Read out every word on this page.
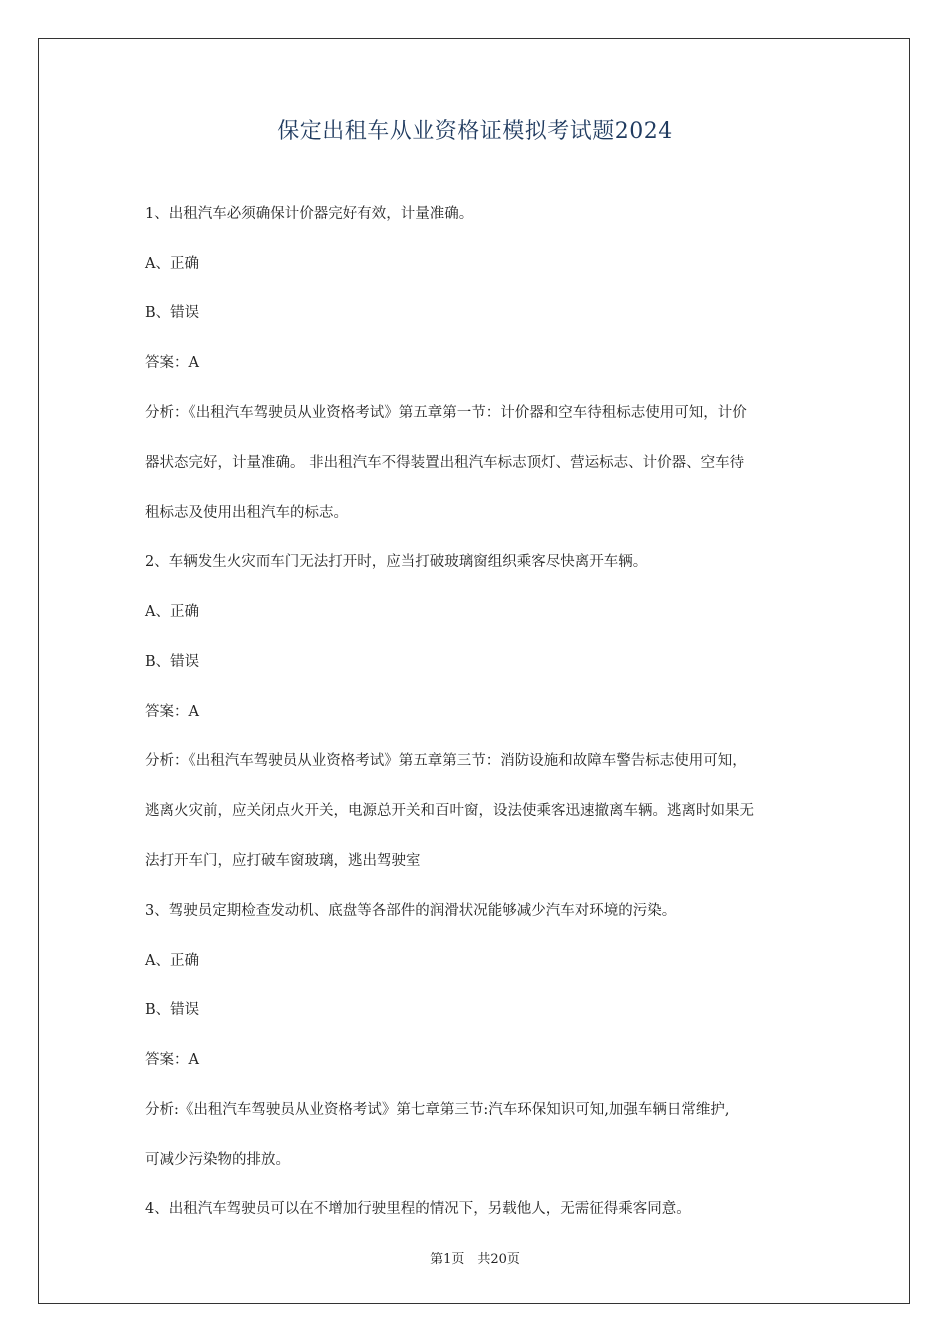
保定出租车从业资格证模拟考试题2024
1、出租汽车必须确保计价器完好有效，计量准确。
A、正确
B、错误
答案：A
分析：《出租汽车驾驶员从业资格考试》第五章第一节：计价器和空车待租标志使用可知，计价
器状态完好，计量准确。 非出租汽车不得装置出租汽车标志顶灯、营运标志、计价器、空车待
租标志及使用出租汽车的标志。
2、车辆发生火灾而车门无法打开时，应当打破玻璃窗组织乘客尽快离开车辆。
A、正确
B、错误
答案：A
分析：《出租汽车驾驶员从业资格考试》第五章第三节：消防设施和故障车警告标志使用可知，
逃离火灾前，应关闭点火开关，电源总开关和百叶窗，设法使乘客迅速撤离车辆。逃离时如果无
法打开车门，应打破车窗玻璃，逃出驾驶室
3、驾驶员定期检查发动机、底盘等各部件的润滑状况能够减少汽车对环境的污染。
A、正确
B、错误
答案：A
分析:《出租汽车驾驶员从业资格考试》第七章第三节:汽车环保知识可知,加强车辆日常维护,
可减少污染物的排放。
4、出租汽车驾驶员可以在不增加行驶里程的情况下，另载他人，无需征得乘客同意。
第1页　共20页
